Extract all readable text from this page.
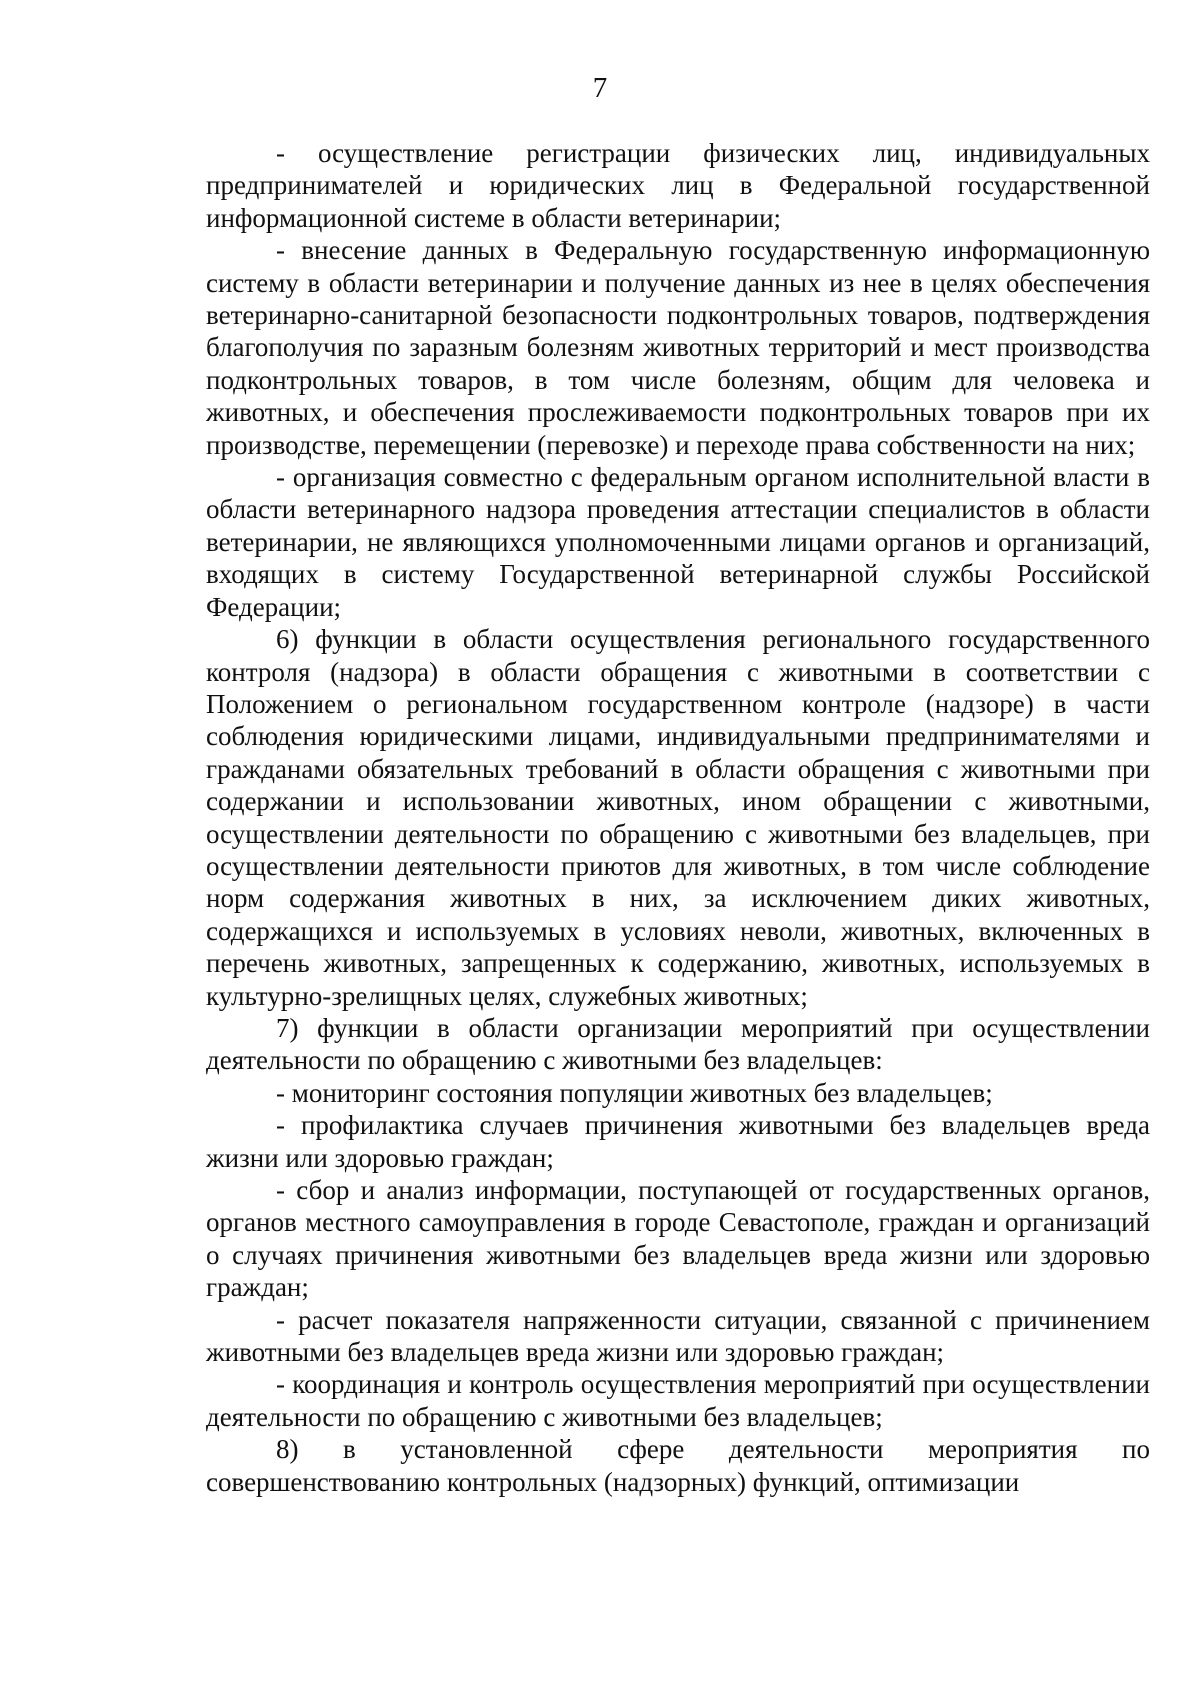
7

- осуществление регистрации физических лиц, индивидуальных предпринимателей и юридических лиц в Федеральной государственной информационной системе в области ветеринарии;

- внесение данных в Федеральную государственную информационную систему в области ветеринарии и получение данных из нее в целях обеспечения ветеринарно-санитарной безопасности подконтрольных товаров, подтверждения благополучия по заразным болезням животных территорий и мест производства подконтрольных товаров, в том числе болезням, общим для человека и животных, и обеспечения прослеживаемости подконтрольных товаров при их производстве, перемещении (перевозке) и переходе права собственности на них;

- организация совместно с федеральным органом исполнительной власти в области ветеринарного надзора проведения аттестации специалистов в области ветеринарии, не являющихся уполномоченными лицами органов и организаций, входящих в систему Государственной ветеринарной службы Российской Федерации;

6) функции в области осуществления регионального государственного контроля (надзора) в области обращения с животными в соответствии с Положением о региональном государственном контроле (надзоре) в части соблюдения юридическими лицами, индивидуальными предпринимателями и гражданами обязательных требований в области обращения с животными при содержании и использовании животных, ином обращении с животными, осуществлении деятельности по обращению с животными без владельцев, при осуществлении деятельности приютов для животных, в том числе соблюдение норм содержания животных в них, за исключением диких животных, содержащихся и используемых в условиях неволи, животных, включенных в перечень животных, запрещенных к содержанию, животных, используемых в культурно-зрелищных целях, служебных животных;

7) функции в области организации мероприятий при осуществлении деятельности по обращению с животными без владельцев:

- мониторинг состояния популяции животных без владельцев;

- профилактика случаев причинения животными без владельцев вреда жизни или здоровью граждан;

- сбор и анализ информации, поступающей от государственных органов, органов местного самоуправления в городе Севастополе, граждан и организаций о случаях причинения животными без владельцев вреда жизни или здоровью граждан;

- расчет показателя напряженности ситуации, связанной с причинением животными без владельцев вреда жизни или здоровью граждан;

- координация и контроль осуществления мероприятий при осуществлении деятельности по обращению с животными без владельцев;

8) в установленной сфере деятельности мероприятия по совершенствованию контрольных (надзорных) функций, оптимизации
